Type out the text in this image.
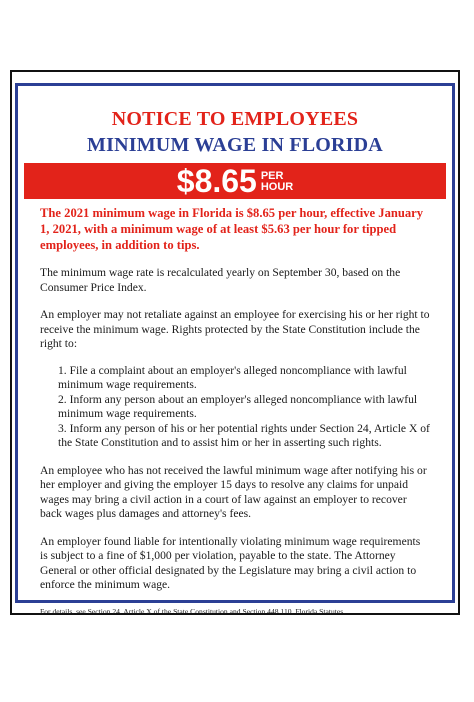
NOTICE TO EMPLOYEES
MINIMUM WAGE IN FLORIDA
$8.65 PER
HOUR
The 2021 minimum wage in Florida is $8.65 per hour, effective January 1, 2021, with a minimum wage of at least $5.63 per hour for tipped employees, in addition to tips.

The minimum wage rate is recalculated yearly on September 30, based on the Consumer Price Index.

An employer may not retaliate against an employee for exercising his or her right to receive the minimum wage. Rights protected by the State Constitution include the right to:

1. File a complaint about an employer's alleged noncompliance with lawful minimum wage requirements.
2. Inform any person about an employer's alleged noncompliance with lawful minimum wage requirements.
3. Inform any person of his or her potential rights under Section 24, Article X of the State Constitution and to assist him or her in asserting such rights.

An employee who has not received the lawful minimum wage after notifying his or her employer and giving the employer 15 days to resolve any claims for unpaid wages may bring a civil action in a court of law against an employer to recover back wages plus damages and attorney's fees.

An employer found liable for intentionally violating minimum wage requirements is subject to a fine of $1,000 per violation, payable to the state. The Attorney General or other official designated by the Legislature may bring a civil action to enforce the minimum wage.

For details, see Section 24, Article X of the State Constitution and Section 448.110, Florida Statutes.
